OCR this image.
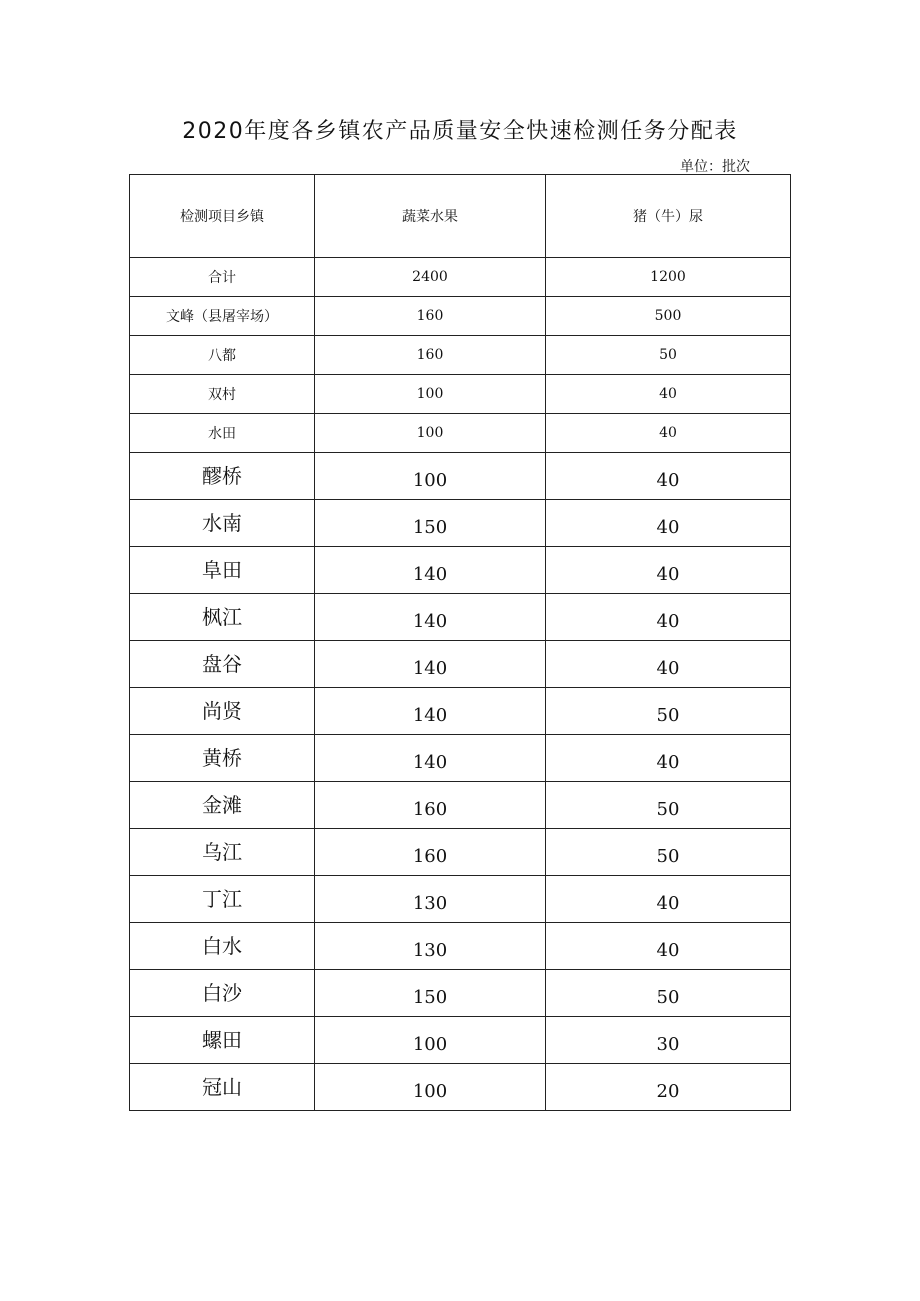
2020年度各乡镇农产品质量安全快速检测任务分配表
单位：批次
检测项目乡镇	蔬菜水果	猪（牛）尿
合计	2400	1200
文峰（县屠宰场）	160	500
八都	160	50
双村	100	40
水田	100	40
醪桥	100	40
水南	150	40
阜田	140	40
枫江	140	40
盘谷	140	40
尚贤	140	50
黄桥	140	40
金滩	160	50
乌江	160	50
丁江	130	40
白水	130	40
白沙	150	50
螺田	100	30
冠山	100	20
